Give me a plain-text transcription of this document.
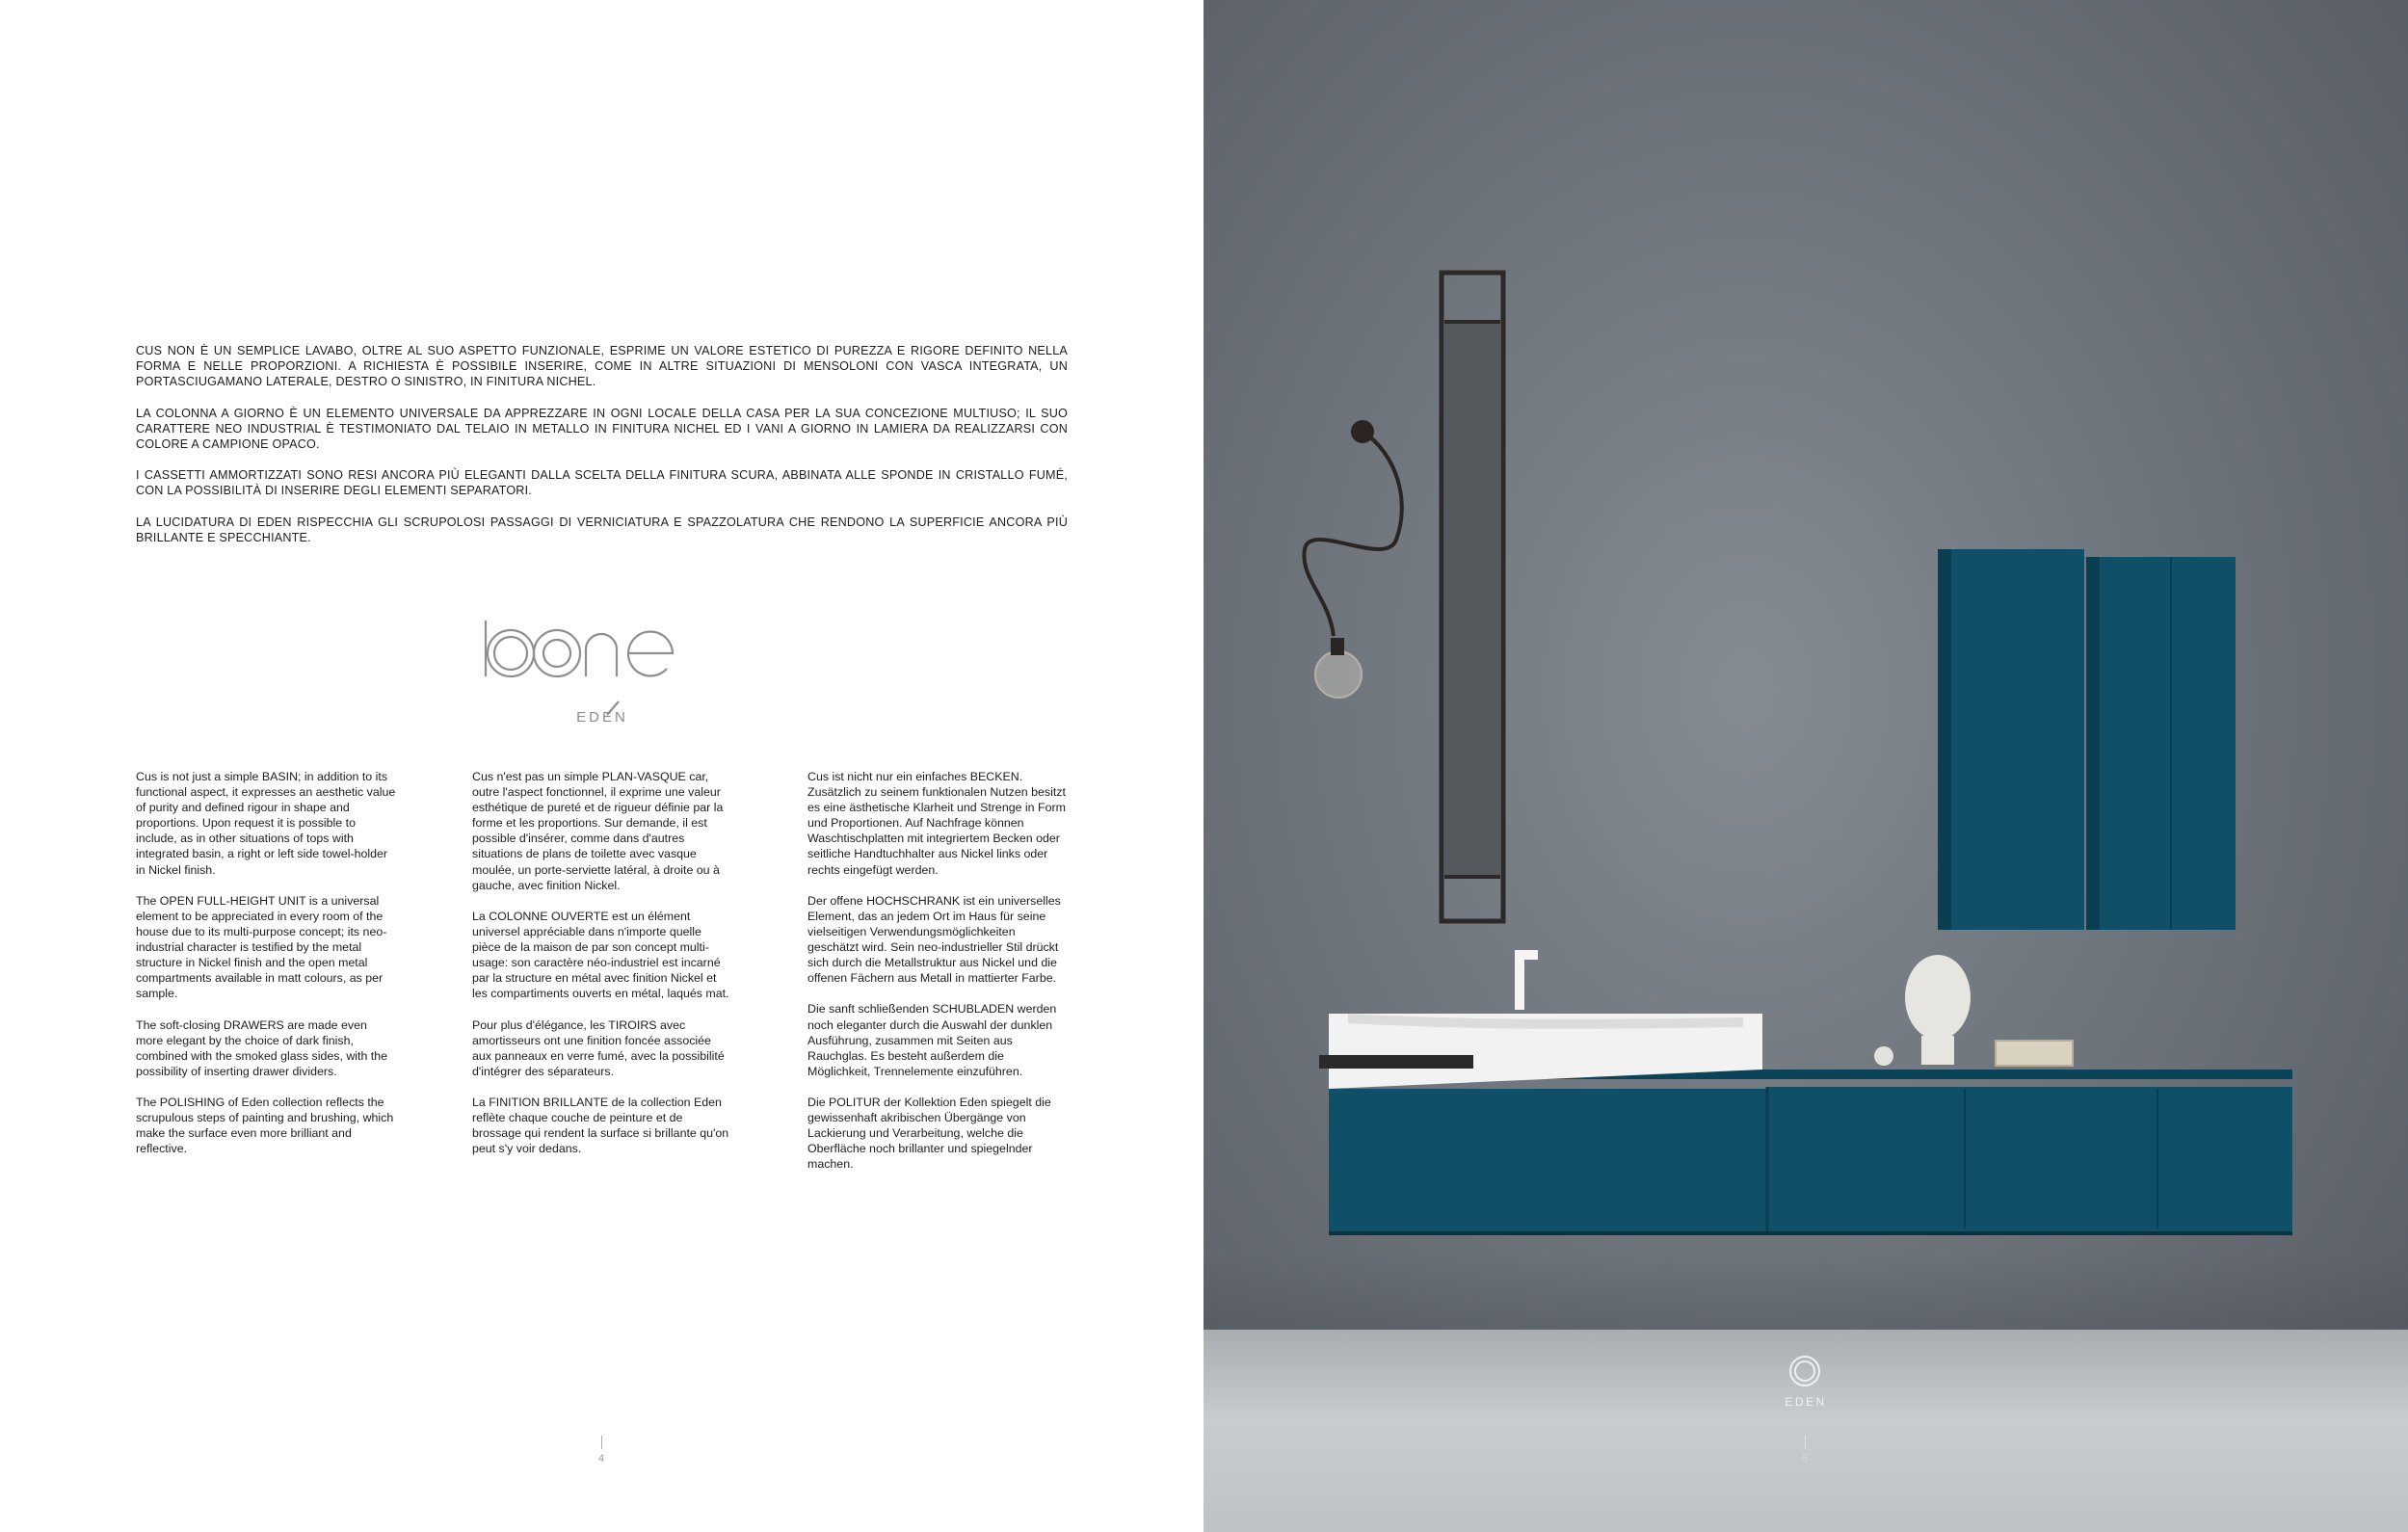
CUS NON È UN SEMPLICE LAVABO, OLTRE AL SUO ASPETTO FUNZIONALE, ESPRIME UN VALORE ESTETICO DI PUREZZA E RIGORE DEFINITO NELLA FORMA E NELLE PROPORZIONI. A RICHIESTA È POSSIBILE INSERIRE, COME IN ALTRE SITUAZIONI DI MENSOLONI CON VASCA INTEGRATA, UN PORTASCIUGAMANO LATERALE, DESTRO O SINISTRO, IN FINITURA NICHEL.

LA COLONNA A GIORNO È UN ELEMENTO UNIVERSALE DA APPREZZARE IN OGNI LOCALE DELLA CASA PER LA SUA CONCEZIONE MULTIUSO; IL SUO CARATTERE NEO INDUSTRIAL È TESTIMONIATO DAL TELAIO IN METALLO IN FINITURA NICHEL ED I VANI A GIORNO IN LAMIERA DA REALIZZARSI CON COLORE A CAMPIONE OPACO.

I CASSETTI AMMORTIZZATI SONO RESI ANCORA PIÙ ELEGANTI DALLA SCELTA DELLA FINITURA SCURA, ABBINATA ALLE SPONDE IN CRISTALLO FUMÉ, CON LA POSSIBILITÀ DI INSERIRE DEGLI ELEMENTI SEPARATORI.

LA LUCIDATURA DI EDEN RISPECCHIA GLI SCRUPOLOSI PASSAGGI DI VERNICIATURA E SPAZZOLATURA CHE RENDONO LA SUPERFICIE ANCORA PIÙ BRILLANTE E SPECCHIANTE.

EDEN

Cus is not just a simple BASIN; in addition to its functional aspect, it expresses an aesthetic value of purity and defined rigour in shape and proportions. Upon request it is possible to include, as in other situations of tops with integrated basin, a right or left side towel-holder in Nickel finish.

The OPEN FULL-HEIGHT UNIT is a universal element to be appreciated in every room of the house due to its multi-purpose concept; its neo-industrial character is testified by the metal structure in Nickel finish and the open metal compartments available in matt colours, as per sample.

The soft-closing DRAWERS are made even more elegant by the choice of dark finish, combined with the smoked glass sides, with the possibility of inserting drawer dividers.

The POLISHING of Eden collection reflects the scrupulous steps of painting and brushing, which make the surface even more brilliant and reflective.

Cus n'est pas un simple PLAN-VASQUE car, outre l'aspect fonctionnel, il exprime une valeur esthétique de pureté et de rigueur définie par la forme et les proportions. Sur demande, il est possible d'insérer, comme dans d'autres situations de plans de toilette avec vasque moulée, un porte-serviette latéral, à droite ou à gauche, avec finition Nickel.

La COLONNE OUVERTE est un élément universel appréciable dans n'importe quelle pièce de la maison de par son concept multi-usage: son caractère néo-industriel est incarné par la structure en métal avec finition Nickel et les compartiments ouverts en métal, laqués mat.

Pour plus d'élégance, les TIROIRS avec amortisseurs ont une finition foncée associée aux panneaux en verre fumé, avec la possibilité d'intégrer des séparateurs.

La FINITION BRILLANTE de la collection Eden reflète chaque couche de peinture et de brossage qui rendent la surface si brillante qu'on peut s'y voir dedans.

Cus ist nicht nur ein einfaches BECKEN. Zusätzlich zu seinem funktionalen Nutzen besitzt es eine ästhetische Klarheit und Strenge in Form und Proportionen. Auf Nachfrage können Waschtischplatten mit integriertem Becken oder seitliche Handtuchhalter aus Nickel links oder rechts eingefügt werden.

Der offene HOCHSCHRANK ist ein universelles Element, das an jedem Ort im Haus für seine vielseitigen Verwendungsmöglichkeiten geschätzt wird. Sein neo-industrieller Stil drückt sich durch die Metallstruktur aus Nickel und die offenen Fächern aus Metall in mattierter Farbe.

Die sanft schließenden SCHUBLADEN werden noch eleganter durch die Auswahl der dunklen Ausführung, zusammen mit Seiten aus Rauchglas. Es besteht außerdem die Möglichkeit, Trennelemente einzuführen.

Die POLITUR der Kollektion Eden spiegelt die gewissenhaft akribischen Übergänge von Lackierung und Verarbeitung, welche die Oberfläche noch brillanter und spiegelnder machen.

4
EDEN
5
